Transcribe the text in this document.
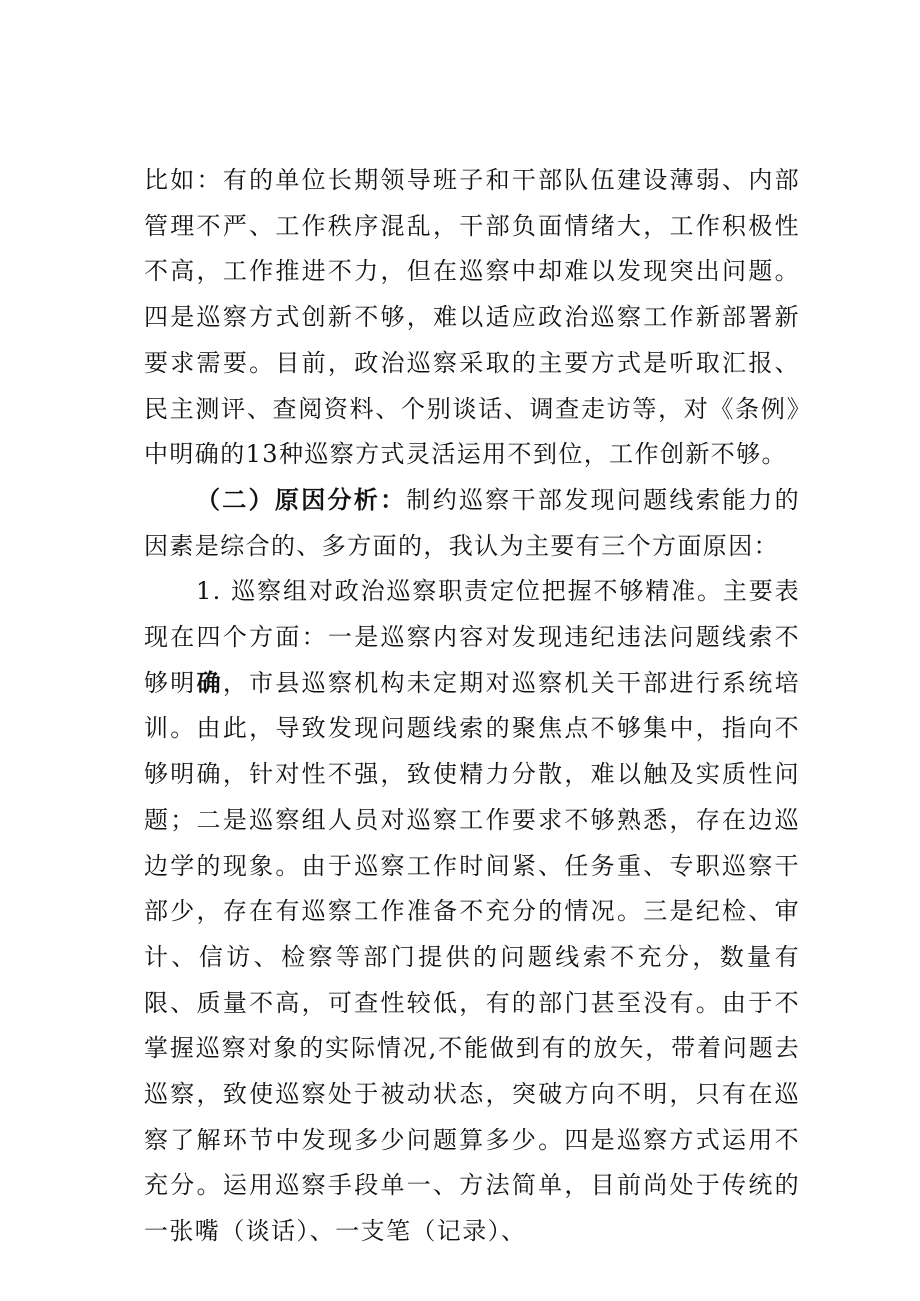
比如：有的单位长期领导班子和干部队伍建设薄弱、内部管理不严、工作秩序混乱，干部负面情绪大，工作积极性不高，工作推进不力，但在巡察中却难以发现突出问题。四是巡察方式创新不够，难以适应政治巡察工作新部署新要求需要。目前，政治巡察采取的主要方式是听取汇报、民主测评、查阅资料、个别谈话、调查走访等，对《条例》中明确的13种巡察方式灵活运用不到位，工作创新不够。

（二）原因分析：制约巡察干部发现问题线索能力的因素是综合的、多方面的，我认为主要有三个方面原因：

1. 巡察组对政治巡察职责定位把握不够精准。主要表现在四个方面：一是巡察内容对发现违纪违法问题线索不够明确，市县巡察机构未定期对巡察机关干部进行系统培训。由此，导致发现问题线索的聚焦点不够集中，指向不够明确，针对性不强，致使精力分散，难以触及实质性问题；二是巡察组人员对巡察工作要求不够熟悉，存在边巡边学的现象。由于巡察工作时间紧、任务重、专职巡察干部少，存在有巡察工作准备不充分的情况。三是纪检、审计、信访、检察等部门提供的问题线索不充分，数量有限、质量不高，可查性较低，有的部门甚至没有。由于不掌握巡察对象的实际情况,不能做到有的放矢，带着问题去巡察，致使巡察处于被动状态，突破方向不明，只有在巡察了解环节中发现多少问题算多少。四是巡察方式运用不充分。运用巡察手段单一、方法简单，目前尚处于传统的一张嘴（谈话）、一支笔（记录）、
